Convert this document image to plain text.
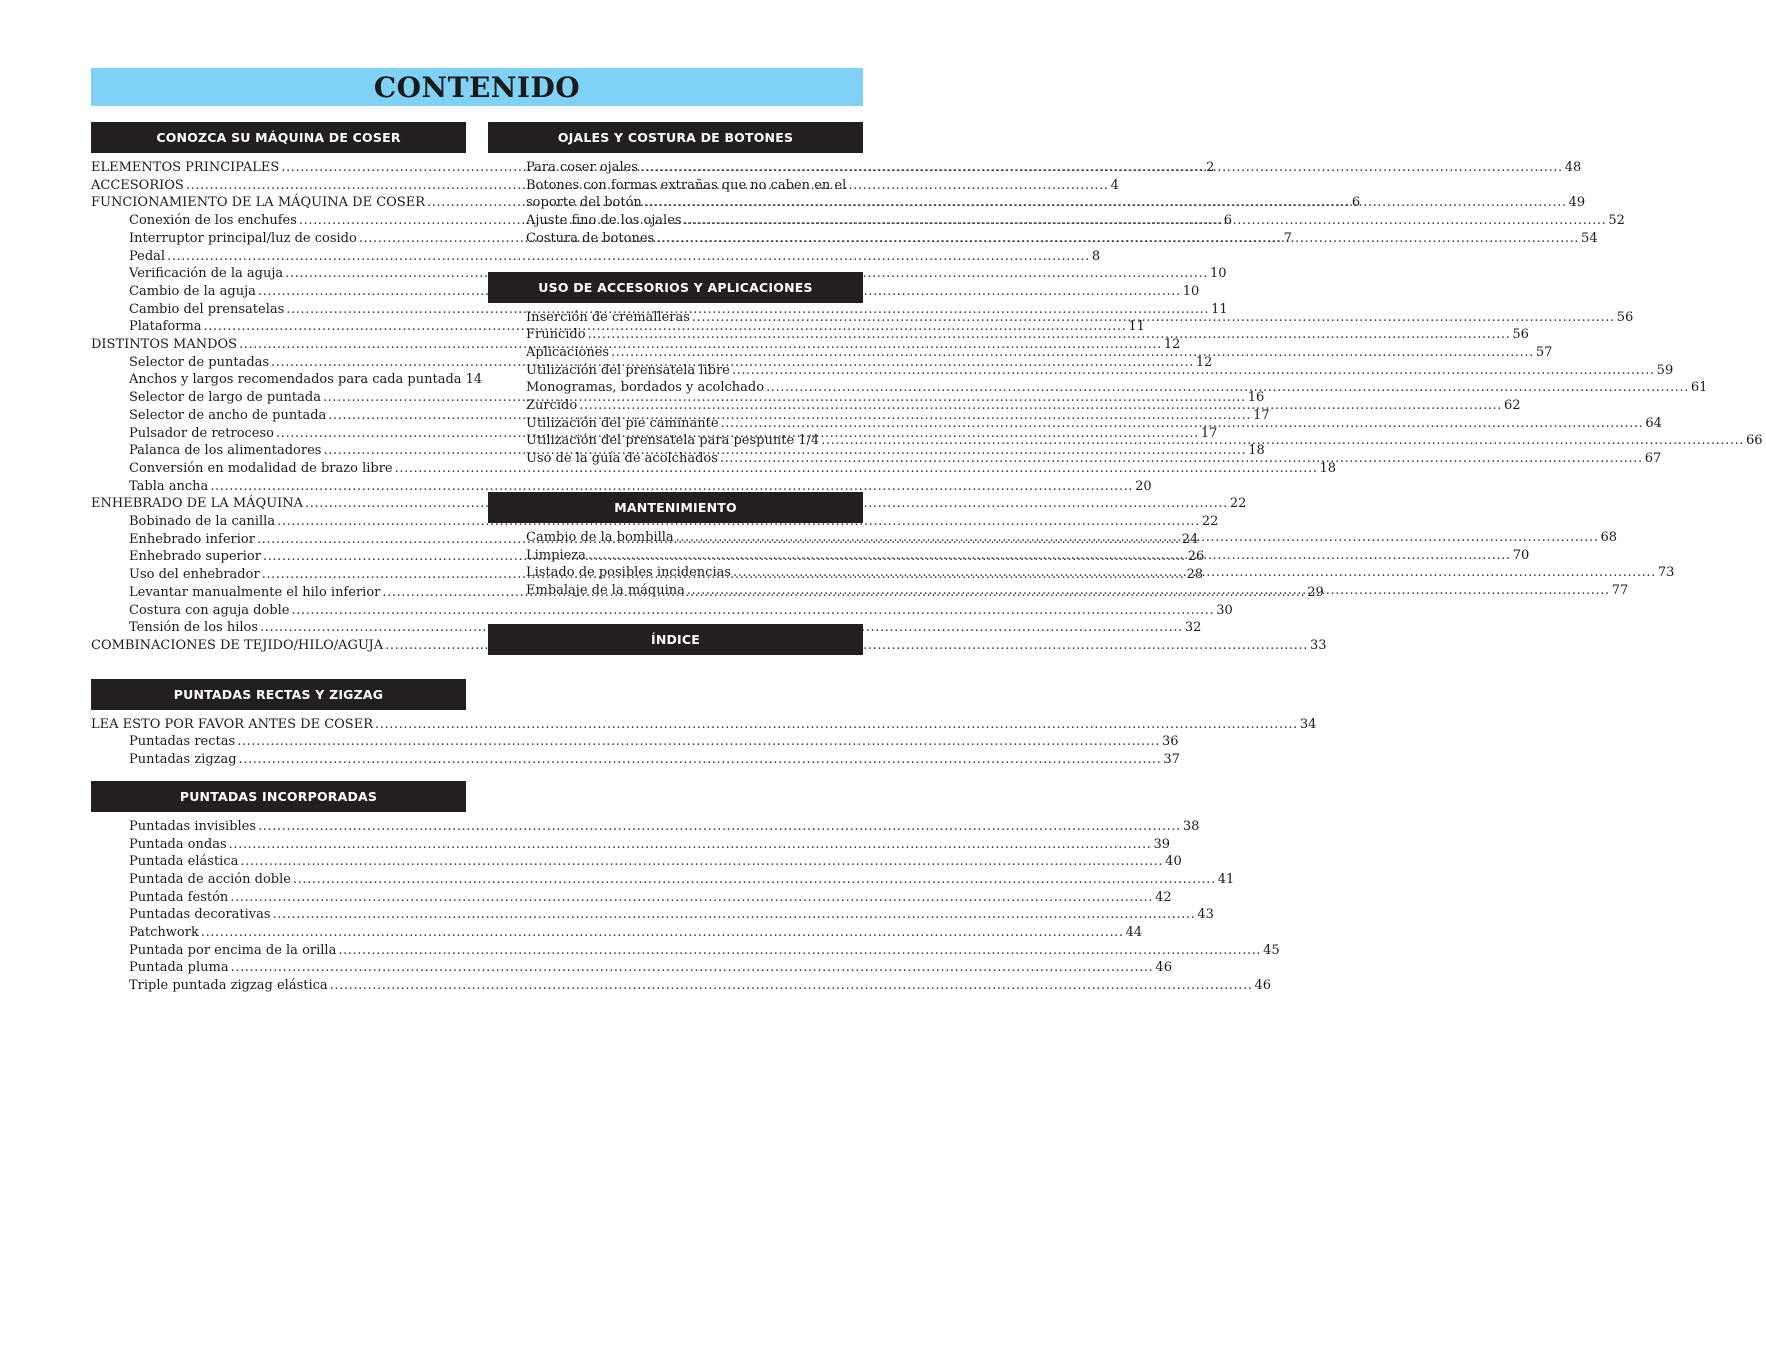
CONTENIDO
CONOZCA SU MÁQUINA DE COSER
ELEMENTOS PRINCIPALES .....	2
ACCESORIOS .....	4
FUNCIONAMIENTO DE LA MÁQUINA DE COSER .....	6
Conexión de los enchufes .....	6
Interruptor principal/luz de cosido .....	7
Pedal .....	8
Verificación de la aguja .....	10
Cambio de la aguja .....	10
Cambio del prensatelas .....	11
Plataforma .....	11
DISTINTOS MANDOS .....	12
Selector de puntadas .....	12
Anchos y largos recomendados para cada puntada 14
Selector de largo de puntada .....	16
Selector de ancho de puntada .....	17
Pulsador de retroceso .....	17
Palanca de los alimentadores .....	18
Conversión en modalidad de brazo libre .....	18
Tabla ancha .....	20
ENHEBRADO DE LA MÁQUINA .....	22
Bobinado de la canilla .....	22
Enhebrado inferior .....	24
Enhebrado superior .....	26
Uso del enhebrador .....	28
Levantar manualmente el hilo inferior .....	29
Costura con aguja doble .....	30
Tensión de los hilos .....	32
COMBINACIONES DE TEJIDO/HILO/AGUJA .....	33
PUNTADAS RECTAS Y ZIGZAG
LEA ESTO POR FAVOR ANTES DE COSER .....	34
Puntadas rectas .....	36
Puntadas zigzag .....	37
PUNTADAS INCORPORADAS
Puntadas invisibles .....	38
Puntada ondas .....	39
Puntada elástica .....	40
Puntada de acción doble .....	41
Puntada festón .....	42
Puntadas decorativas .....	43
Patchwork .....	44
Puntada por encima de la orilla .....	45
Puntada pluma .....	46
Triple puntada zigzag elástica .....	46
OJALES Y COSTURA DE BOTONES
Para coser ojales .....	48
Botones con formas extrañas que no caben en el
soporte del botón .....	49
Ajuste fino de los ojales .....	52
Costura de botones .....	54
USO DE ACCESORIOS Y APLICACIONES
Inserción de cremalleras .....	56
Fruncido .....	56
Aplicaciones .....	57
Utilización del prensatela libre .....	59
Monogramas, bordados y acolchado .....	61
Zurcido .....	62
Utilización del pie caminante .....	64
Utilización del prensatela para pespunte 1/4 .....	66
Uso de la guía de acolchados .....	67
MANTENIMIENTO
Cambio de la bombilla .....	68
Limpieza .....	70
Listado de posibles incidencias .....	73
Embalaje de la máquina .....	77
ÍNDICE
